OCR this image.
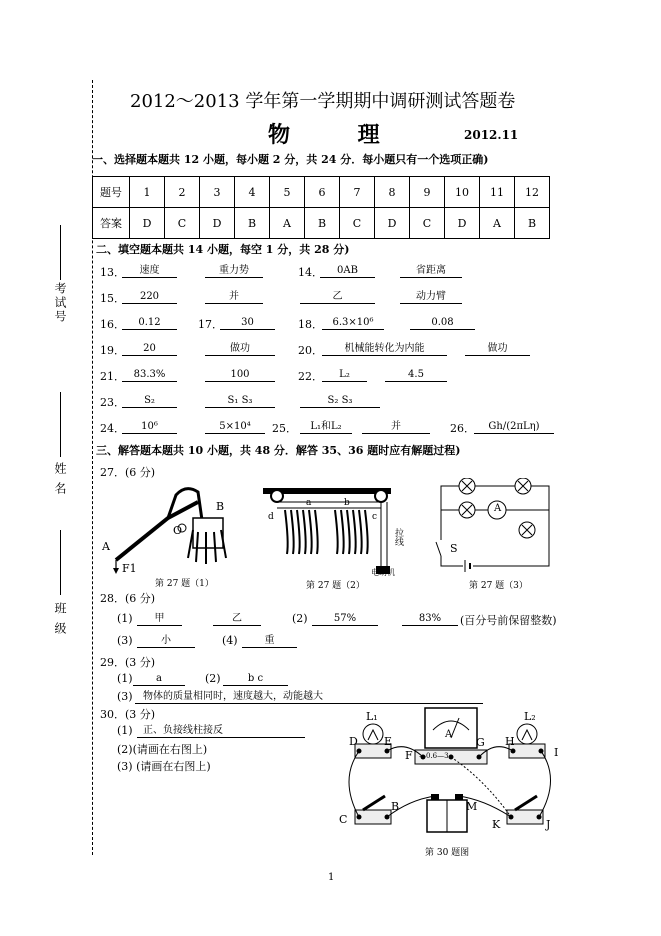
考试号
姓 名
班 级
2012～2013 学年第一学期期中调研测试答题卷
物 理	2012.11
一、选择题本题共 12 小题，每小题 2 分，共 24 分．每小题只有一个选项正确)
题号	1	2	3	4	5	6	7	8	9	10	11	12
答案	D	C	D	B	A	B	C	D	C	D	A	B
二、填空题本题共 14 小题，每空 1 分，共 28 分)
13．	速度	重力势	14．	0AB	省距离
15．	220	并	乙	动力臂
16．	0.12	17．	30	18． 6.3×10⁶	0.08
19．	20	做功	20．	机械能转化为内能	做功
21． 83.3%	100	22．	L₂	4.5
23．	S₂	S₁ S₃	S₂ S₃
24．	10⁶	5×10⁴	25．	L₁和L₂	并	26．	Gh/(2πLη)
三、解答题本题共 10 小题，共 48 分．解答 35、36 题时应有解题过程)
27．(6 分)
A
B
O
F1
第 27 题（1）
a	b
c
d
拉线
电动机
第 27 题（2）
A
S
第 27 题（3）
28．(6 分)
(1)	甲	乙	(2)	57%	83%	(百分号前保留整数)
(3)	小	(4)	重
29．(3 分)
(1)	a	(2)	b c
(3)	物体的质量相同时，速度越大，动能越大
30．(3 分)
(1)	正、负接线柱接反
(2)(请画在右图上)
(3) (请画在右图上)
D E
L₁
A
G
F —0.6—3
L₂
H
I
C
B	M
K	J
第 30 题图
1
